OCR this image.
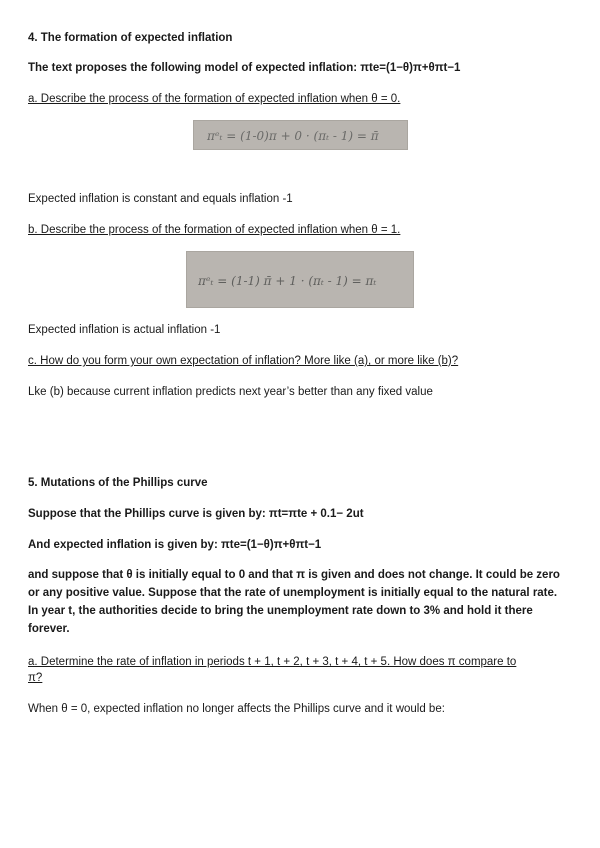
4. The formation of expected inflation
The text proposes the following model of expected inflation: πte=(1−θ)π+θπt−1
a. Describe the process of the formation of expected inflation when θ = 0.
πᵉₜ = (1-0)π + 0 · (πₜ - 1) = π̄
Expected inflation is constant and equals inflation -1
b. Describe the process of the formation of expected inflation when θ = 1.
πᵉₜ = (1-1) π̄ + 1 · (πₜ - 1) = πₜ
Expected inflation is actual inflation -1
c. How do you form your own expectation of inflation? More like (a), or more like (b)?
Lke (b) because current inflation predicts next year’s better than any fixed value
5. Mutations of the Phillips curve
Suppose that the Phillips curve is given by: πt=πte + 0.1− 2ut
And expected inflation is given by: πte=(1−θ)π+θπt−1
and suppose that θ is initially equal to 0 and that π is given and does not change. It could be zero or any positive value. Suppose that the rate of unemployment is initially equal to the natural rate. In year t, the authorities decide to bring the unemployment rate down to 3% and hold it there forever.
a. Determine the rate of inflation in periods t + 1, t + 2, t + 3, t + 4, t + 5. How does π compare to
π?
When θ = 0, expected inflation no longer affects the Phillips curve and it would be:
